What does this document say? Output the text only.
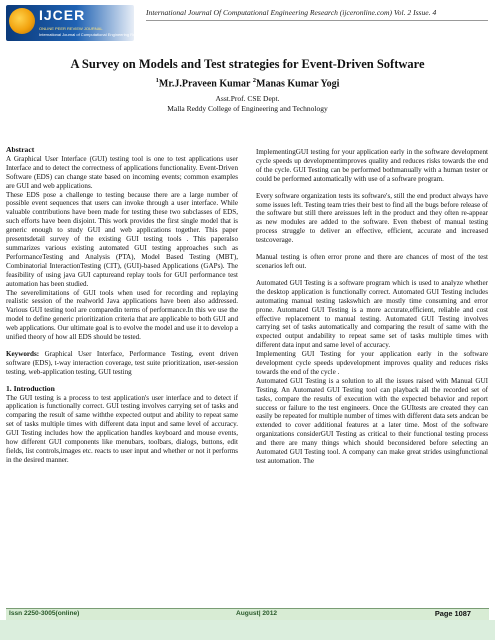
IJCER
ONLINE PEER REVIEW JOURNAL
International Journal of Computational Engineering Research
International Journal Of Computational Engineering Research (ijceronline.com) Vol. 2 Issue. 4
A Survey on Models and Test strategies for Event-Driven Software
$^1$Mr.J.Praveen Kumar $^2$Manas Kumar Yogi
Asst.Prof. CSE Dept.
Malla Reddy College of Engineering and Technology

Abstract

A Graphical User Interface (GUI) testing tool is one to test applications user Interface and to detect the correctness of applications functionality. Event-Driven Software (EDS) can change state based on incoming events; common examples are GUI and web applications.

These EDS pose a challenge to testing because there are a large number of possible event sequences that users can invoke through a user interface. While valuable contributions have been made for testing these two subclasses of EDS, such efforts have been disjoint. This work provides the first single model that is generic enough to study GUI and web applications together. This paper presentsdetail survey of the existing GUI testing tools . This paperalso summarizes various existing automated GUI testing approaches such as PerformanceTesting and Analysis (PTA), Model Based Testing (MBT), Combinatorial InteractionTesting (CIT), (GUI)-based Applications (GAPs). The feasibility of using java GUI captureand replay tools for GUI performance test automation has been studied.

The severelimitations of GUI tools when used for recording and replaying realistic session of the realworld Java applications have been also addressed. Various GUI testing tool are comparedin terms of performance.In this we use the model to define generic prioritization criteria that are applicable to both GUI and web applications. Our ultimate goal is to evolve the model and use it to develop a unified theory of how all EDS should be tested.

Keywords: Graphical User Interface, Performance Testing, event driven software (EDS), t-way interaction coverage, test suite prioritization, user-session testing, web-application testing, GUI testing

1. Introduction

The GUI testing is a process to test application's user interface and to detect if application is functionally correct. GUI testing involves carrying set of tasks and comparing the result of same withthe expected output and ability to repeat same set of tasks multiple times with different data input and same level of accuracy. GUI Testing includes how the application handles keyboard and mouse events, how different GUI components like menubars, toolbars, dialogs, buttons, edit fields, list controls,images etc. reacts to user input and whether or not it performs in the desired manner.

ImplementingGUI testing for your application early in the software development cycle speeds up developmentimproves quality and reduces risks towards the end of the cycle. GUI Testing can be performed bothmanually with a human tester or could be performed automatically with use of a software program.

Every software organization tests its software's, still the end product always have some issues left. Testing team tries their best to find all the bugs before release of the software but still there areissues left in the product and they often re-appear as new modules are added to the software. Even thebest of manual testing process struggle to deliver an effective, efficient, accurate and increased testcoverage.

Manual testing is often error prone and there are chances of most of the test scenarios left out.

Automated GUI Testing is a software program which is used to analyze whether the desktop application is functionally correct. Automated GUI Testing includes automating manual testing taskswhich are mostly time consuming and error prone. Automated GUI Testing is a more accurate,efficient, reliable and cost effective replacement to manual testing. Automated GUI Testing involves carrying set of tasks automatically and comparing the result of same with the expected output andability to repeat same set of tasks multiple times with different data input and same level of accuracy.

Implementing GUI Testing for your application early in the software development cycle speeds updevelopment improves quality and reduces risks towards the end of the cycle .

Automated GUI Testing is a solution to all the issues raised with Manual GUI Testing. An Automated GUI Testing tool can playback all the recorded set of tasks, compare the results of execution with the expected behavior and report success or failure to the test engineers. Once the GUItests are created they can easily be repeated for multiple number of times with different data sets andcan be extended to cover additional features at a later time. Most of the software organizations considerGUI Testing as critical to their functional testing process and there are many things which should beconsidered before selecting an Automated GUI Testing tool. A company can make great strides usingfunctional test automation. The

Issn 2250-3005(online)	August| 2012	Page 1087
